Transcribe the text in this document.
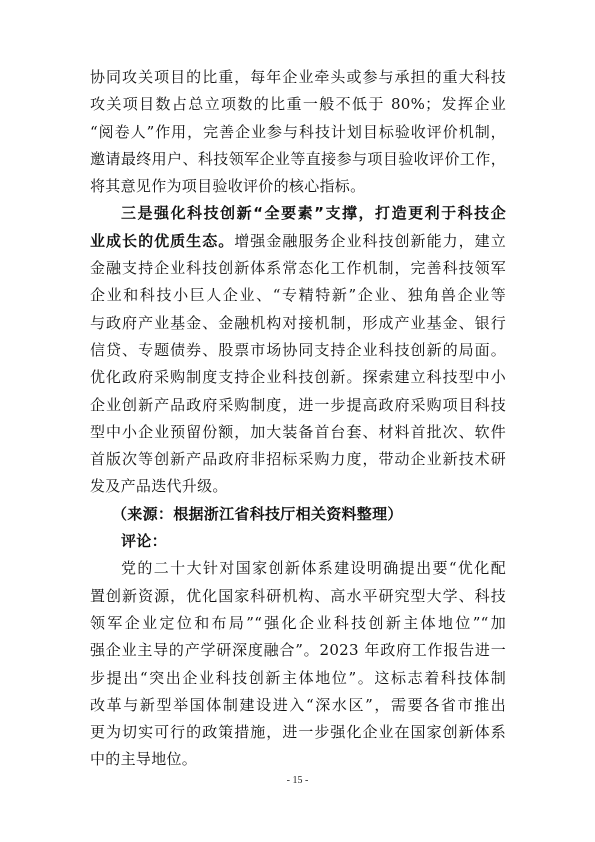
协同攻关项目的比重，每年企业牵头或参与承担的重大科技
攻关项目数占总立项数的比重一般不低于 80%；发挥企业
“阅卷人”作用，完善企业参与科技计划目标验收评价机制，
邀请最终用户、科技领军企业等直接参与项目验收评价工作，
将其意见作为项目验收评价的核心指标。
三是强化科技创新“全要素”支撑，打造更利于科技企
业成长的优质生态。增强金融服务企业科技创新能力，建立
金融支持企业科技创新体系常态化工作机制，完善科技领军
企业和科技小巨人企业、“专精特新”企业、独角兽企业等
与政府产业基金、金融机构对接机制，形成产业基金、银行
信贷、专题债券、股票市场协同支持企业科技创新的局面。
优化政府采购制度支持企业科技创新。探索建立科技型中小
企业创新产品政府采购制度，进一步提高政府采购项目科技
型中小企业预留份额，加大装备首台套、材料首批次、软件
首版次等创新产品政府非招标采购力度，带动企业新技术研
发及产品迭代升级。
（来源：根据浙江省科技厅相关资料整理）
评论：
党的二十大针对国家创新体系建设明确提出要“优化配
置创新资源，优化国家科研机构、高水平研究型大学、科技
领军企业定位和布局”“强化企业科技创新主体地位”“加
强企业主导的产学研深度融合”。2023 年政府工作报告进一
步提出“突出企业科技创新主体地位”。这标志着科技体制
改革与新型举国体制建设进入“深水区”，需要各省市推出
更为切实可行的政策措施，进一步强化企业在国家创新体系
中的主导地位。
- 15 -
